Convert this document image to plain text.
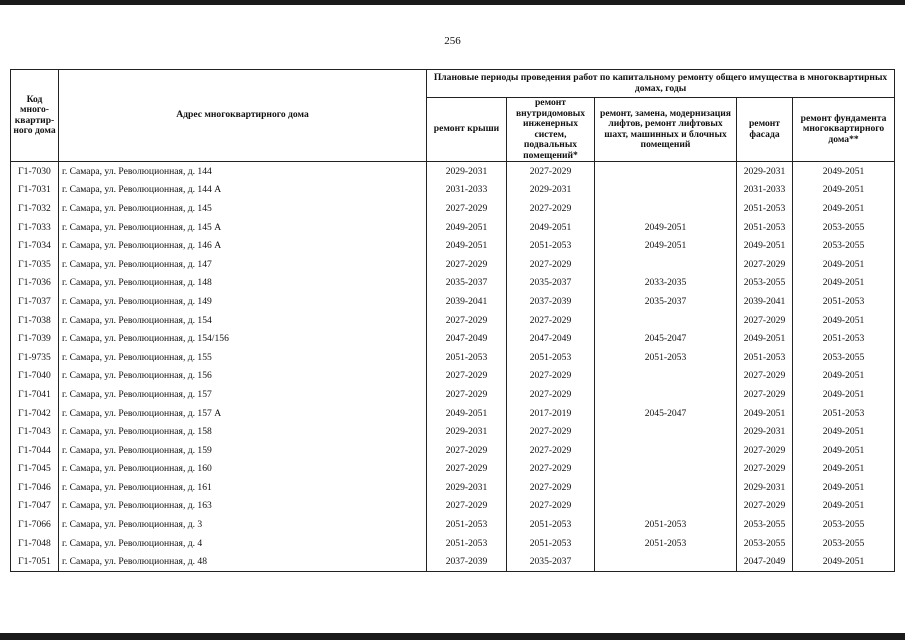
256
Код много-квартир-ного дома	Адрес многоквартирного дома	Плановые периоды проведения работ по капитальному ремонту общего имущества в многоквартирных домах, годы				
		ремонт крыши	ремонт внутридомовых инженерных систем, подвальных помещений*	ремонт, замена, модернизация лифтов, ремонт лифтовых шахт, машинных и блочных помещений	ремонт фасада	ремонт фундамента многоквартирного дома**
Г1-7030	г. Самара, ул. Революционная, д. 144	2029-2031	2027-2029		2029-2031	2049-2051
Г1-7031	г. Самара, ул. Революционная, д. 144 А	2031-2033	2029-2031		2031-2033	2049-2051
Г1-7032	г. Самара, ул. Революционная, д. 145	2027-2029	2027-2029		2051-2053	2049-2051
Г1-7033	г. Самара, ул. Революционная, д. 145 А	2049-2051	2049-2051	2049-2051	2051-2053	2053-2055
Г1-7034	г. Самара, ул. Революционная, д. 146 А	2049-2051	2051-2053	2049-2051	2049-2051	2053-2055
Г1-7035	г. Самара, ул. Революционная, д. 147	2027-2029	2027-2029		2027-2029	2049-2051
Г1-7036	г. Самара, ул. Революционная, д. 148	2035-2037	2035-2037	2033-2035	2053-2055	2049-2051
Г1-7037	г. Самара, ул. Революционная, д. 149	2039-2041	2037-2039	2035-2037	2039-2041	2051-2053
Г1-7038	г. Самара, ул. Революционная, д. 154	2027-2029	2027-2029		2027-2029	2049-2051
Г1-7039	г. Самара, ул. Революционная, д. 154/156	2047-2049	2047-2049	2045-2047	2049-2051	2051-2053
Г1-9735	г. Самара, ул. Революционная, д. 155	2051-2053	2051-2053	2051-2053	2051-2053	2053-2055
Г1-7040	г. Самара, ул. Революционная, д. 156	2027-2029	2027-2029		2027-2029	2049-2051
Г1-7041	г. Самара, ул. Революционная, д. 157	2027-2029	2027-2029		2027-2029	2049-2051
Г1-7042	г. Самара, ул. Революционная, д. 157 А	2049-2051	2017-2019	2045-2047	2049-2051	2051-2053
Г1-7043	г. Самара, ул. Революционная, д. 158	2029-2031	2027-2029		2029-2031	2049-2051
Г1-7044	г. Самара, ул. Революционная, д. 159	2027-2029	2027-2029		2027-2029	2049-2051
Г1-7045	г. Самара, ул. Революционная, д. 160	2027-2029	2027-2029		2027-2029	2049-2051
Г1-7046	г. Самара, ул. Революционная, д. 161	2029-2031	2027-2029		2029-2031	2049-2051
Г1-7047	г. Самара, ул. Революционная, д. 163	2027-2029	2027-2029		2027-2029	2049-2051
Г1-7066	г. Самара, ул. Революционная, д. 3	2051-2053	2051-2053	2051-2053	2053-2055	2053-2055
Г1-7048	г. Самара, ул. Революционная, д. 4	2051-2053	2051-2053	2051-2053	2053-2055	2053-2055
Г1-7051	г. Самара, ул. Революционная, д. 48	2037-2039	2035-2037		2047-2049	2049-2051
